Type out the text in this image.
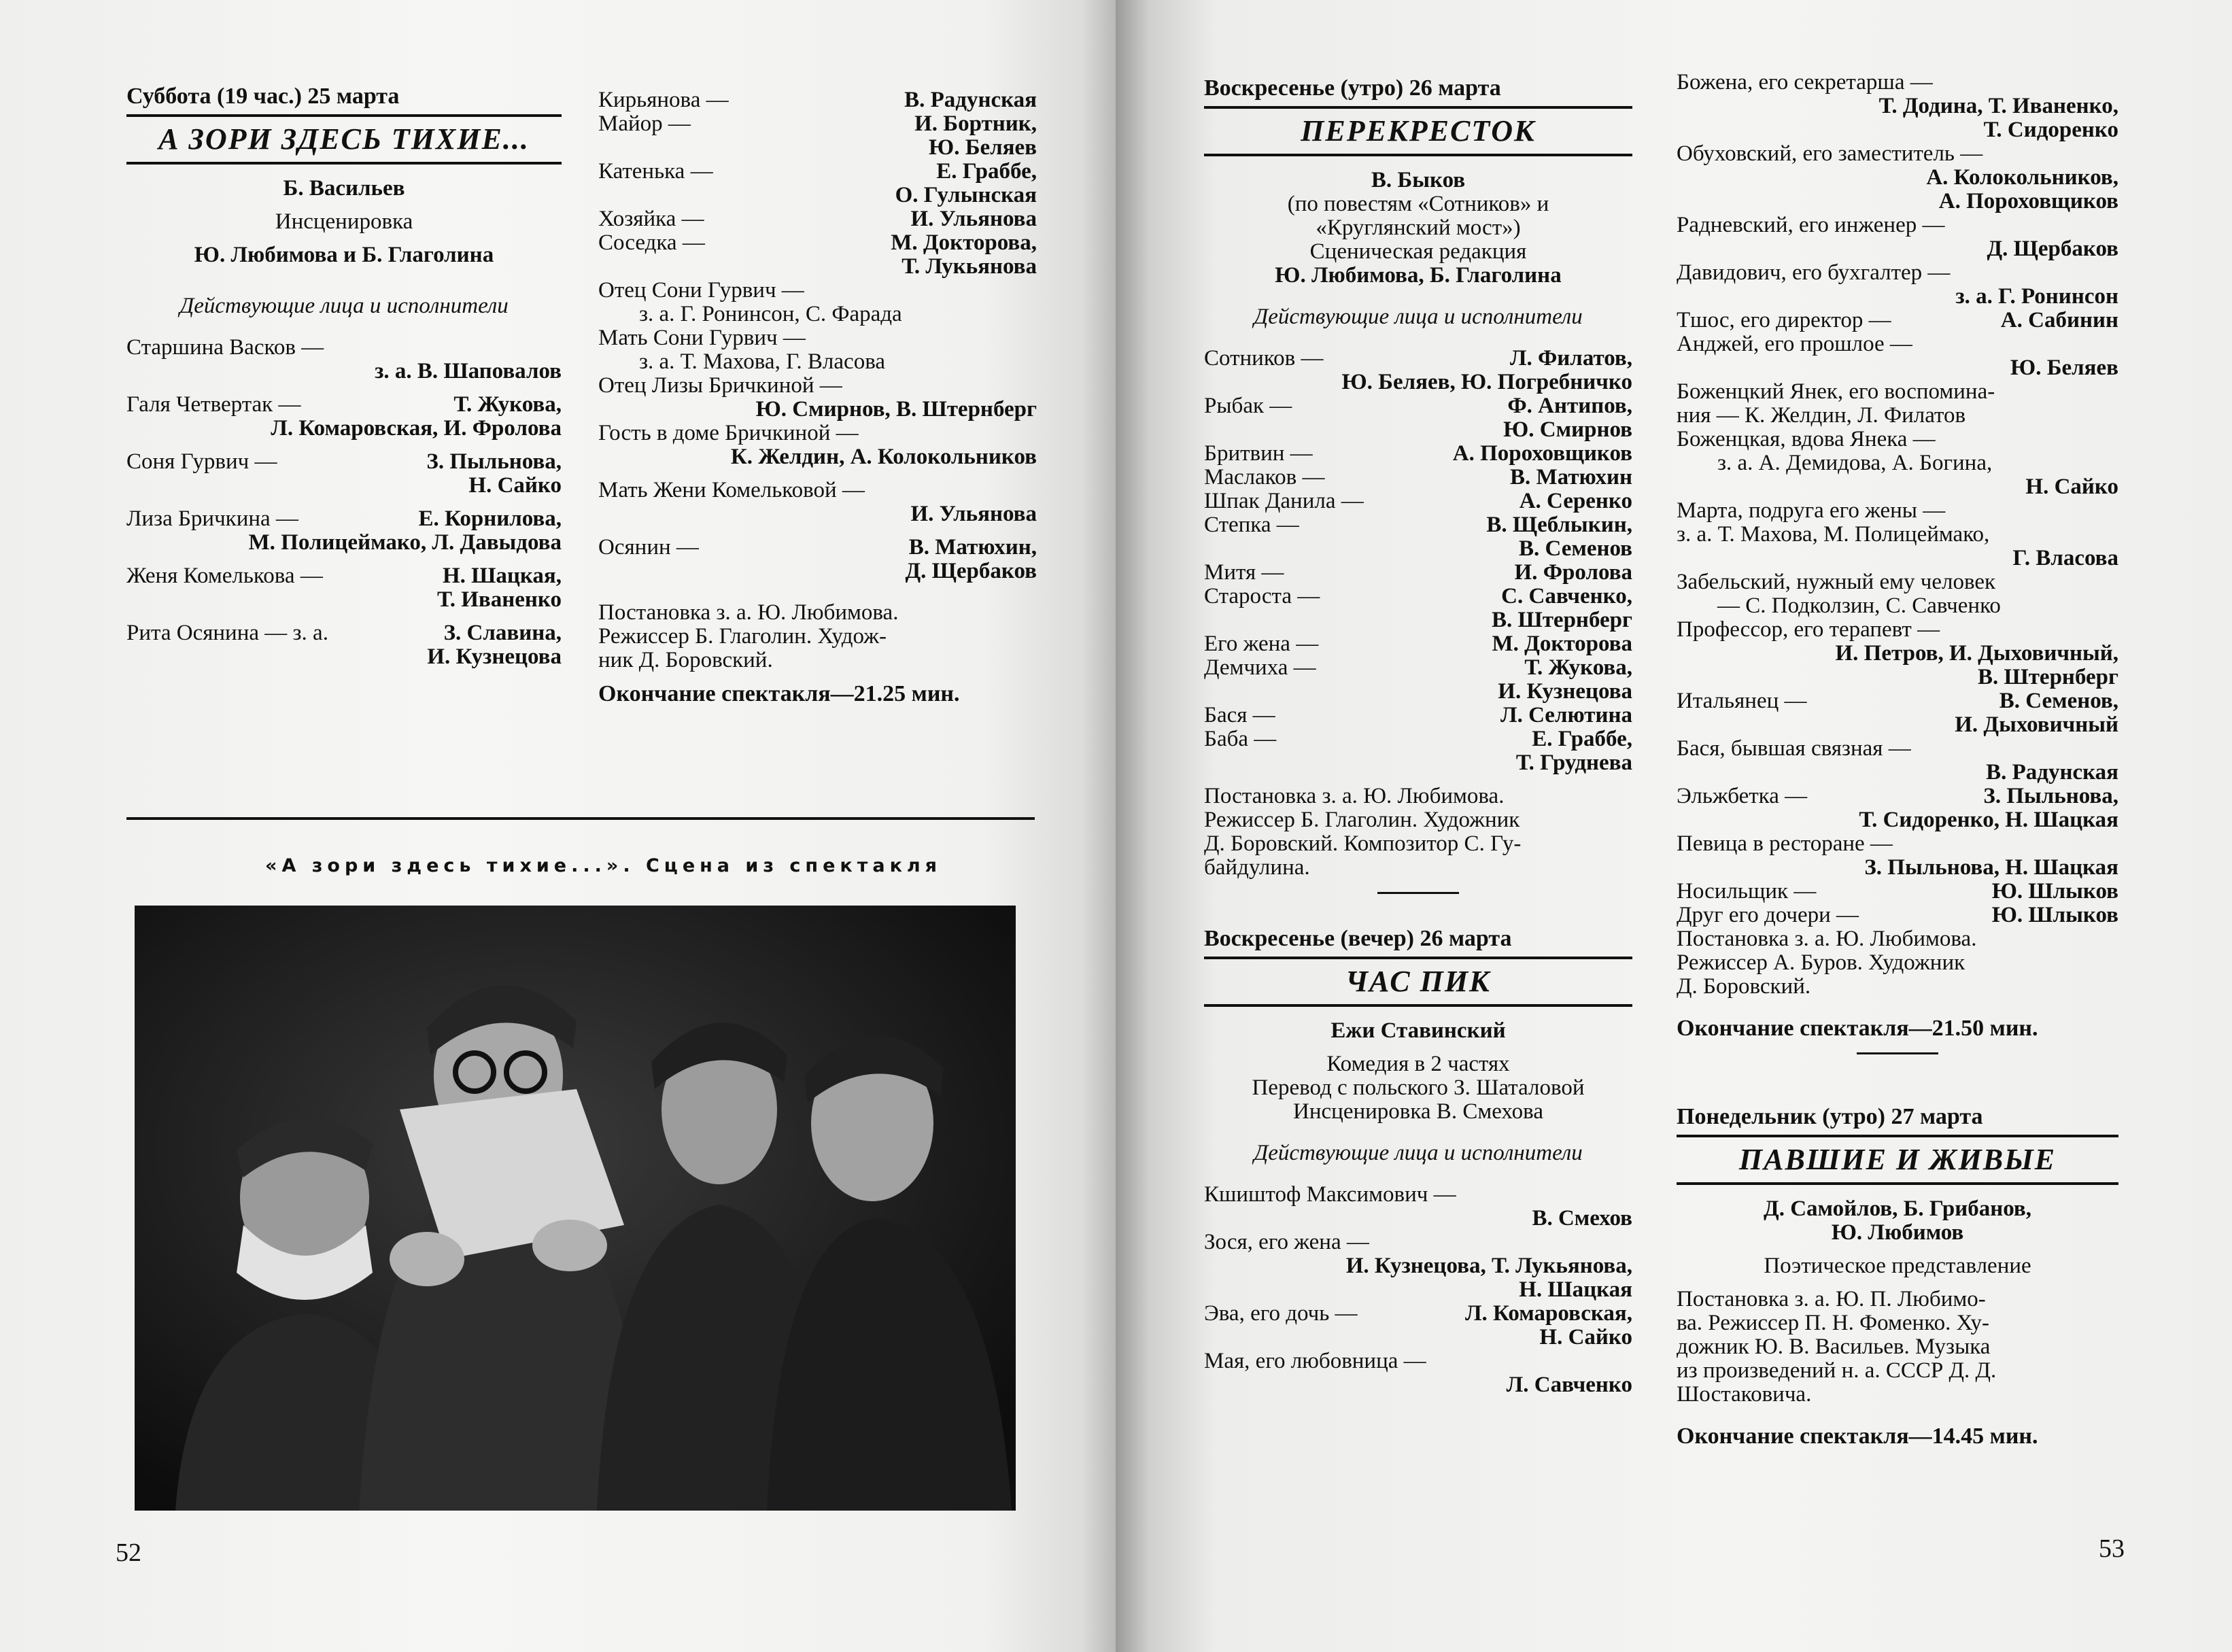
Суббота (19 час.) 25 марта
А ЗОРИ ЗДЕСЬ ТИХИЕ...
Б. Васильев
Инсценировка
Ю. Любимова и Б. Глаголина
Действующие лица и исполнители
Старшина Васков —
з. а. В. Шаповалов
Галя Четвертак —	Т. Жукова,
Л. Комаровская, И. Фролова
Соня Гурвич —	З. Пыльнова,
Н. Сайко
Лиза Бричкина —	Е. Корнилова,
М. Полицеймако, Л. Давыдова
Женя Комелькова —	Н. Шацкая,
Т. Иваненко
Рита Осянина — з. а.	З. Славина,
И. Кузнецова
Кирьянова —	В. Радунская
Майор —	И. Бортник,
Ю. Беляев
Катенька —	Е. Граббе,
О. Гулынская
Хозяйка —	И. Ульянова
Соседка —	М. Докторова,
Т. Лукьянова
Отец Сони Гурвич —
з. а. Г. Ронинсон, С. Фарада
Мать Сони Гурвич —
з. а. Т. Махова, Г. Власова
Отец Лизы Бричкиной —
Ю. Смирнов, В. Штернберг
Гость в доме Бричкиной —
К. Желдин, А. Колокольников
Мать Жени Комельковой —
И. Ульянова
Осянин —	В. Матюхин,
Д. Щербаков
Постановка з. а. Ю. Любимова.
Режиссер Б. Глаголин. Худож-
ник Д. Боровский.
Окончание спектакля—21.25 мин.
«А зори здесь тихие...». Сцена из спектакля
52
Воскресенье (утро) 26 марта
ПЕРЕКРЕСТОК
В. Быков
(по повестям «Сотников» и
«Круглянский мост»)
Сценическая редакция
Ю. Любимова, Б. Глаголина
Действующие лица и исполнители
Сотников —	Л. Филатов,
Ю. Беляев, Ю. Погребничко
Рыбак —	Ф. Антипов,
Ю. Смирнов
Бритвин —	А. Пороховщиков
Маслаков —	В. Матюхин
Шпак Данила —	А. Серенко
Степка —	В. Щеблыкин,
В. Семенов
Митя —	И. Фролова
Староста —	С. Савченко,
В. Штернберг
Его жена —	М. Докторова
Демчиха —	Т. Жукова,
И. Кузнецова
Бася —	Л. Селютина
Баба —	Е. Граббе,
Т. Груднева
Постановка з. а. Ю. Любимова.
Режиссер Б. Глаголин. Художник
Д. Боровский. Композитор С. Гу-
байдулина.
Воскресенье (вечер) 26 марта
ЧАС ПИК
Ежи Ставинский
Комедия в 2 частях
Перевод с польского З. Шаталовой
Инсценировка В. Смехова
Действующие лица и исполнители
Кшиштоф Максимович —
В. Смехов
Зося, его жена —
И. Кузнецова, Т. Лукьянова,
Н. Шацкая
Эва, его дочь —	Л. Комаровская,
Н. Сайко
Мая, его любовница —
Л. Савченко
Божена, его секретарша —
Т. Додина, Т. Иваненко,
Т. Сидоренко
Обуховский, его заместитель —
А. Колокольников,
А. Пороховщиков
Радневский, его инженер —
Д. Щербаков
Давидович, его бухгалтер —
з. а. Г. Ронинсон
Тшос, его директор —	А. Сабинин
Анджей, его прошлое —
Ю. Беляев
Боженцкий Янек, его воспомина-
ния — К. Желдин, Л. Филатов
Боженцкая, вдова Янека —
з. а. А. Демидова, А. Богина,
Н. Сайко
Марта, подруга его жены —
з. а. Т. Махова, М. Полицеймако,
Г. Власова
Забельский, нужный ему человек
— С. Подколзин, С. Савченко
Профессор, его терапевт —
И. Петров, И. Дыховичный,
В. Штернберг
Итальянец —	В. Семенов,
И. Дыховичный
Бася, бывшая связная —
В. Радунская
Эльжбетка —	З. Пыльнова,
Т. Сидоренко, Н. Шацкая
Певица в ресторане —
З. Пыльнова, Н. Шацкая
Носильщик —	Ю. Шлыков
Друг его дочери —	Ю. Шлыков
Постановка з. а. Ю. Любимова.
Режиссер А. Буров. Художник
Д. Боровский.
Окончание спектакля—21.50 мин.
Понедельник (утро) 27 марта
ПАВШИЕ И ЖИВЫЕ
Д. Самойлов, Б. Грибанов,
Ю. Любимов
Поэтическое представление
Постановка з. а. Ю. П. Любимо-
ва. Режиссер П. Н. Фоменко. Ху-
дожник Ю. В. Васильев. Музыка
из произведений н. а. СССР Д. Д.
Шостаковича.
Окончание спектакля—14.45 мин.
53
